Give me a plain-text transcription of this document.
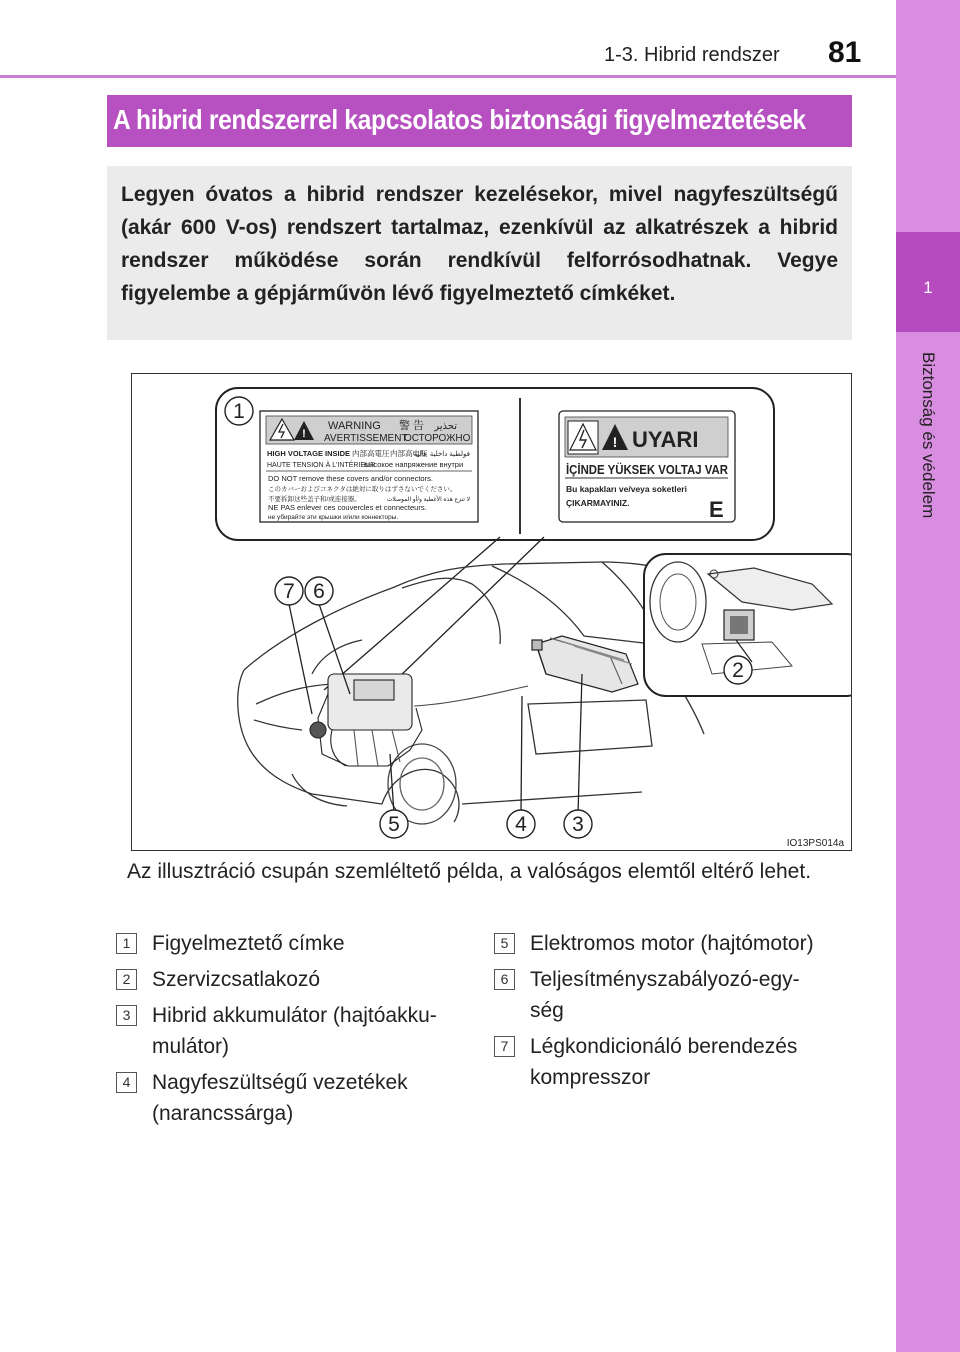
1-3. Hibrid rendszer 81
1
Biztonság és védelem
A hibrid rendszerrel kapcsolatos biztonsági figyelmeztetések
Legyen óvatos a hibrid rendszer kezelésekor, mivel nagyfeszültségű (akár 600 V-os) rendszert tartalmaz, ezenkívül az alkatrészek a hibrid rendszer működése során rendkívül felforrósodhatnak. Vegye figyelembe a gépjárművön lévő figyelmeztető címkéket.
!
WARNING 警 告 تحذير
AVERTISSEMENT
ОСТОРОЖНО
HIGH VOLTAGE INSIDE 内部高電圧 内部高电压
فولطية داخلية عالية
HAUTE TENSION À L'INTÉRIEUR
высокое напряжение внутри
DO NOT remove these covers and/or connectors.
このカバーおよびコネクタは絶対に取りはずさないでください。
不要拆卸这些盖子和/或连接器。	لا تنزع هذه الأغطية و/أو الموصلات
NE PAS enlever ces couvercles et connecteurs.
не убирайте эти крышки и/или коннекторы.
! UYARI
İÇİNDE YÜKSEK VOLTAJ VAR
Bu kapakları ve/veya soketleri
ÇIKARMAYINIZ.	E
1
2
3
4
5
6
7
IO13PS014a
Az illusztráció csupán szemléltető példa, a valóságos elemtől eltérő lehet.
1	Figyelmeztető címke
2	Szervizcsatlakozó
3	Hibrid akkumulátor (hajtóakku-
mulátor)
4	Nagyfeszültségű vezetékek (narancssárga)
5	Elektromos motor (hajtómotor)
6	Teljesítményszabályozó-egy-
ség
7	Légkondicionáló berendezés kompresszor
